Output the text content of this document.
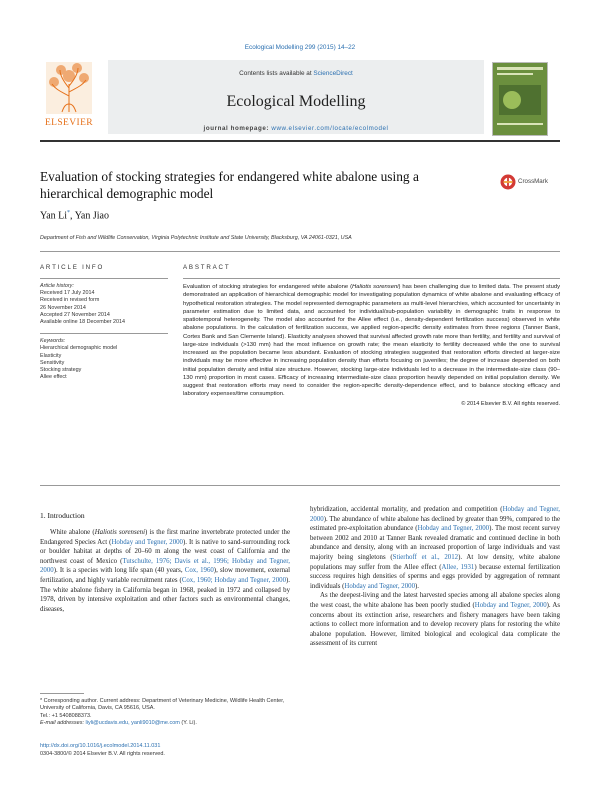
Ecological Modelling 299 (2015) 14–22
ELSEVIER
Contents lists available at ScienceDirect
Ecological Modelling
journal homepage: www.elsevier.com/locate/ecolmodel
Evaluation of stocking strategies for endangered white abalone using a hierarchical demographic model
CrossMark
Yan Li*, Yan Jiao
Department of Fish and Wildlife Conservation, Virginia Polytechnic Institute and State University, Blacksburg, VA 24061-0321, USA
ARTICLE INFO
Article history:
Received 17 July 2014
Received in revised form
26 November 2014
Accepted 27 November 2014
Available online 18 December 2014
Keywords:
Hierarchical demographic model
Elasticity
Sensitivity
Stocking strategy
Allee effect
ABSTRACT

Evaluation of stocking strategies for endangered white abalone (Haliotis sorenseni) has been challenging due to limited data. The present study demonstrated an application of hierarchical demographic model for investigating population dynamics of white abalone and evaluating efficacy of hypothetical restoration strategies. The model represented demographic parameters as multi-level hierarchies, which accounted for uncertainty in parameter estimation due to limited data, and accounted for individual/sub-population variability in demographic traits in response to spatiotemporal heterogeneity. The model also accounted for the Allee effect (i.e., density-dependent fertilization success) observed in white abalone populations. In the calculation of fertilization success, we applied region-specific density estimates from three regions (Tanner Bank, Cortes Bank and San Clemente Island). Elasticity analyses showed that survival affected growth rate more than fertility, and fertility and survival of large-size individuals (>130 mm) had the most influence on growth rate; the mean elasticity to fertility decreased while the one to survival increased as the population became less abundant. Evaluation of stocking strategies suggested that restoration efforts directed at larger-size individuals may be more effective in increasing population density than efforts focusing on juveniles; the degree of increase depended on both initial population density and initial size structure. However, stocking large-size individuals led to a decrease in the intermediate-size class (90–130 mm) proportion in most cases. Efficacy of increasing intermediate-size class proportion heavily depended on initial population density. We suggest that restoration efforts may need to consider the region-specific density-dependence effect, and to balance stocking efficacy and laboratory expenses/time consumption.

© 2014 Elsevier B.V. All rights reserved.
1. Introduction

White abalone (Haliotis sorenseni) is the first marine invertebrate protected under the Endangered Species Act (Hobday and Tegner, 2000). It is native to sand-surrounding rock or boulder habitat at depths of 20–60 m along the west coast of California and the northwest coast of Mexico (Tutschulte, 1976; Davis et al., 1996; Hobday and Tegner, 2000). It is a species with long life span (40 years, Cox, 1960), slow movement, external fertilization, and highly variable recruitment rates (Cox, 1960; Hobday and Tegner, 2000). The white abalone fishery in California began in 1968, peaked in 1972 and collapsed by 1978, driven by intensive exploitation and other factors such as environmental changes, diseases,

hybridization, accidental mortality, and predation and competition (Hobday and Tegner, 2000). The abundance of white abalone has declined by greater than 99%, compared to the estimated pre-exploitation abundance (Hobday and Tegner, 2000). The most recent survey between 2002 and 2010 at Tanner Bank revealed dramatic and continued decline in both abundance and density, along with an increased proportion of large individuals and vast majority being singletons (Stierhoff et al., 2012). At low density, white abalone populations may suffer from the Allee effect (Allee, 1931) because external fertilization success requires high densities of sperms and eggs provided by aggregation of remnant individuals (Hobday and Tegner, 2000).

As the deepest-living and the latest harvested species among all abalone species along the west coast, the white abalone has been poorly studied (Hobday and Tegner, 2000). As concerns about its extinction arise, researchers and fishery managers have been taking actions to collect more information and to develop recovery plans for restoring the white abalone population. However, limited biological and ecological data complicate the assessment of its current

* Corresponding author. Current address: Department of Veterinary Medicine, Wildlife Health Center, University of California, Davis, CA 95616, USA.
Tel.: +1 5408088373.
E-mail addresses: liyli@ucdavis.edu, yanli9010@me.com (Y. Li).
http://dx.doi.org/10.1016/j.ecolmodel.2014.11.031
0304-3800/© 2014 Elsevier B.V. All rights reserved.
